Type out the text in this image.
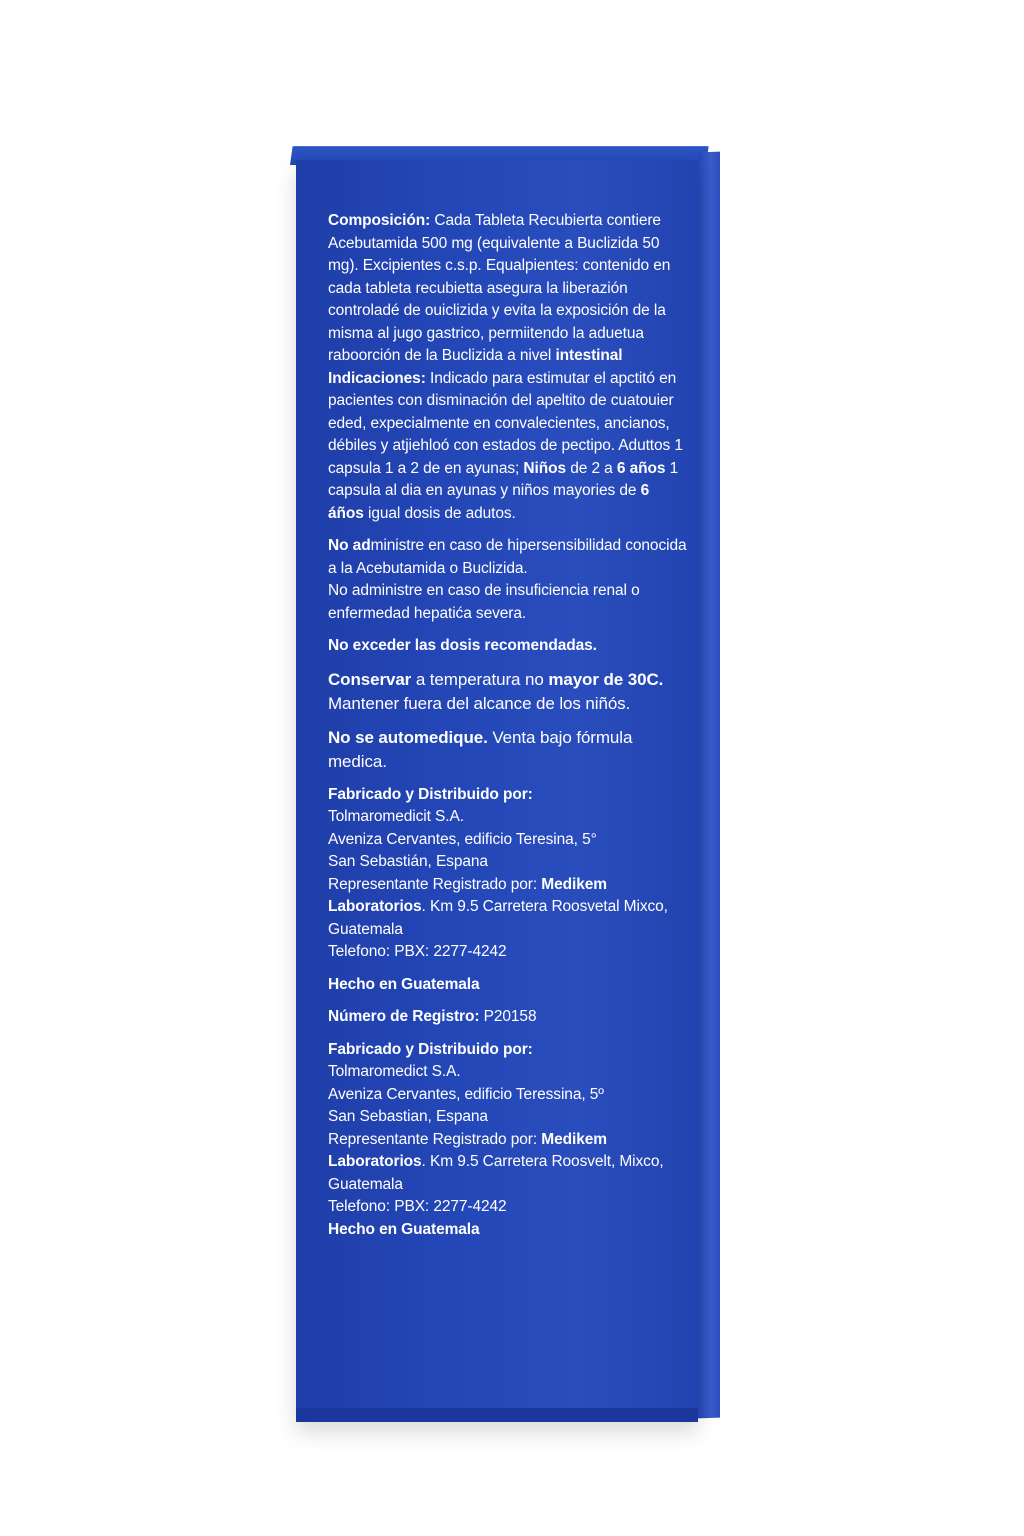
Composición: Cada Tableta Recubierta contiere Acebutamida 500 mg (equivalente a Buclizida 50 mg). Excipientes c.s.p. Equalpientes: contenido en cada tableta recubietta asegura la liberazión controladé de ouiclizida y evita la exposición de la misma al jugo gastrico, permiitendo la aduetua raboorción de la Buclizida a nivel intestinal
Indicaciones: Indicado para estimutar el apctitó en pacientes con disminación del apeltito de cuatouier eded, expecialmente en convalecientes, ancianos, débiles y atjiehloó con estados de pectipo. Aduttos 1 capsula 1 a 2 de en ayunas; Niños de 2 a 6 años 1 capsula al dia en ayunas y niños mayories de 6 áños igual dosis de adutos.

No administre en caso de hipersensibilidad conocida a la Acebutamida o Buclizida.
No administre en caso de insuficiencia renal o enfermedad hepatića severa.

No exceder las dosis recomendadas.

Conservar a temperatura no mayor de 30C. Mantener fuera del alcance de los niñós.

No se automedique. Venta bajo fórmula medica.

Fabricado y Distribuido por:
Tolmaromedicit S.A.
Aveniza Cervantes, edificio Teresina, 5°
San Sebastián, Espana
Representante Registrado por: Medikem Laboratorios. Km 9.5 Carretera Roosvetal Mixco, Guatemala
Telefono: PBX: 2277-4242

Hecho en Guatemala

Número de Registro: P20158

Fabricado y Distribuido por:
Tolmaromedict S.A.
Aveniza Cervantes, edificio Teressina, 5º
San Sebastian, Espana
Representante Registrado por: Medikem Laboratorios. Km 9.5 Carretera Roosvelt, Mixco, Guatemala
Telefono: PBX: 2277-4242
Hecho en Guatemala
